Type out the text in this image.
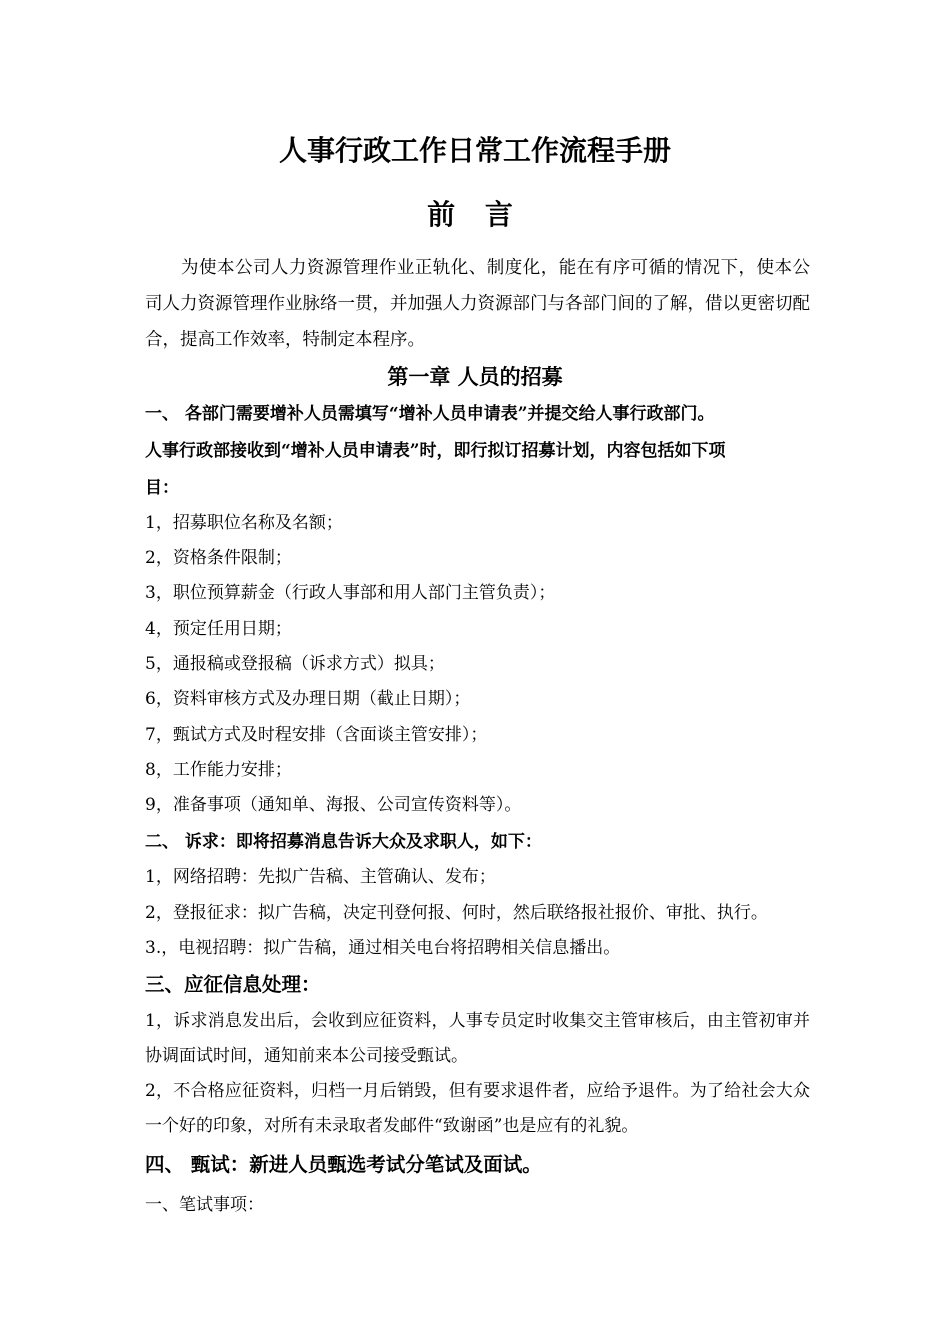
人事行政工作日常工作流程手册
前 言

为使本公司人力资源管理作业正轨化、制度化，能在有序可循的情况下，使本公司人力资源管理作业脉络一贯，并加强人力资源部门与各部门间的了解，借以更密切配合，提高工作效率，特制定本程序。

第一章 人员的招募
一、 各部门需要增补人员需填写“增补人员申请表”并提交给人事行政部门。
人事行政部接收到“增补人员申请表”时，即行拟订招募计划，内容包括如下项
目：
1，招募职位名称及名额；
2，资格条件限制；
3，职位预算薪金（行政人事部和用人部门主管负责）；
4，预定任用日期；
5，通报稿或登报稿（诉求方式）拟具；
6，资料审核方式及办理日期（截止日期）；
7，甄试方式及时程安排（含面谈主管安排）；
8，工作能力安排；
9，准备事项（通知单、海报、公司宣传资料等）。
二、 诉求：即将招募消息告诉大众及求职人，如下：
1，网络招聘：先拟广告稿、主管确认、发布；
2，登报征求：拟广告稿，决定刊登何报、何时，然后联络报社报价、审批、执行。
3.，电视招聘：拟广告稿，通过相关电台将招聘相关信息播出。
三、应征信息处理：

1，诉求消息发出后，会收到应征资料，人事专员定时收集交主管审核后，由主管初审并协调面试时间，通知前来本公司接受甄试。

2，不合格应征资料，归档一月后销毁，但有要求退件者，应给予退件。为了给社会大众一个好的印象，对所有未录取者发邮件“致谢函”也是应有的礼貌。

四、 甄试：新进人员甄选考试分笔试及面试。
一、笔试事项：
